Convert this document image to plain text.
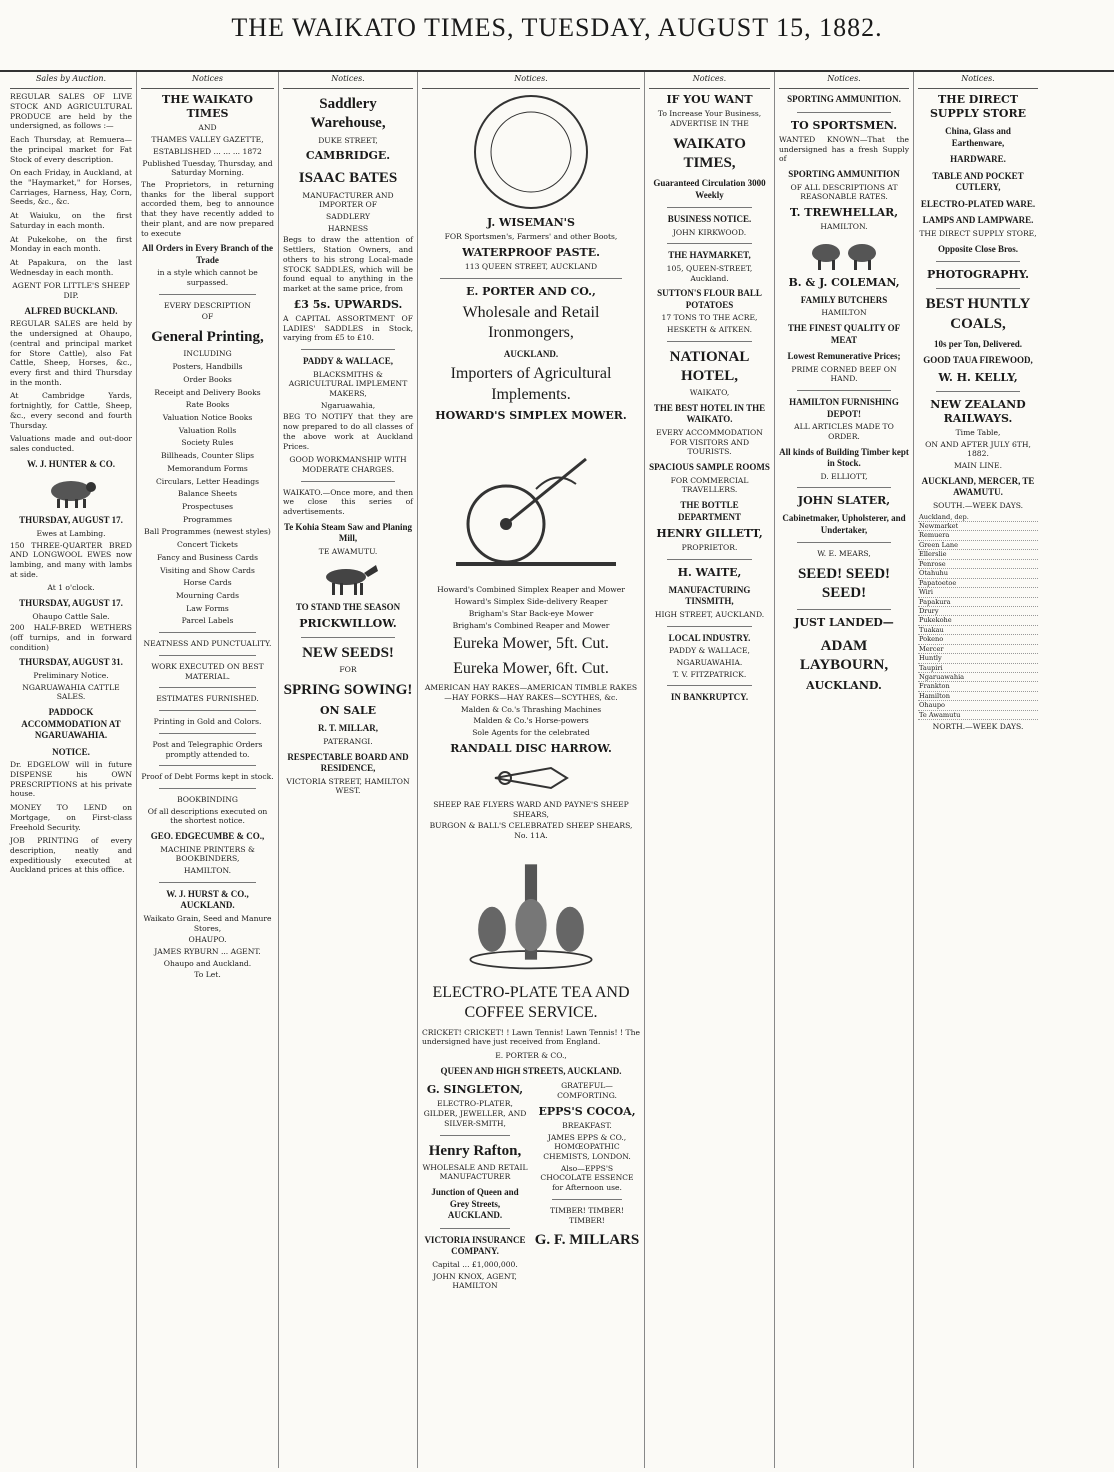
THE WAIKATO TIMES, TUESDAY, AUGUST 15, 1882.
Sales by Auction.

REGULAR SALES OF LIVE STOCK AND AGRICULTURAL PRODUCE are held by the undersigned, as follows :—

Each Thursday, at Remuera—the principal market for Fat Stock of every description.

On each Friday, in Auckland, at the "Haymarket," for Horses, Carriages, Harness, Hay, Corn, Seeds, &c., &c.

At Waiuku, on the first Saturday in each month.

At Pukekohe, on the first Monday in each month.

At Papakura, on the last Wednesday in each month.

AGENT FOR LITTLE'S SHEEP DIP.
ALFRED BUCKLAND.

REGULAR SALES are held by the undersigned at Ohaupo, (central and principal market for Store Cattle), also Fat Cattle, Sheep, Horses, &c., every first and third Thursday in the month.

At Cambridge Yards, fortnightly, for Cattle, Sheep, &c., every second and fourth Thursday.

Valuations made and out-door sales conducted.

W. J. HUNTER & CO.
THURSDAY, AUGUST 17.
Ewes at Lambing.

150 THREE-QUARTER BRED AND LONGWOOL EWES now lambing, and many with lambs at side.

At 1 o'clock.
THURSDAY, AUGUST 17.
Ohaupo Cattle Sale.

200 HALF-BRED WETHERS (off turnips, and in forward condition)

THURSDAY, AUGUST 31.
Preliminary Notice.
NGARUAWAHIA CATTLE SALES.
PADDOCK ACCOMMODATION AT NGARUAWAHIA.
NOTICE.

Dr. EDGELOW will in future DISPENSE his OWN PRESCRIPTIONS at his private house.

MONEY TO LEND on Mortgage, on First-class Freehold Security.

JOB PRINTING of every description, neatly and expeditiously executed at Auckland prices at this office.

Notices
THE WAIKATO TIMES
AND
THAMES VALLEY GAZETTE,
ESTABLISHED ... ... ... 1872
Published Tuesday, Thursday, and Saturday Morning.

The Proprietors, in returning thanks for the liberal support accorded them, beg to announce that they have recently added to their plant, and are now prepared to execute

All Orders in Every Branch of the Trade
in a style which cannot be surpassed.
EVERY DESCRIPTION
OF
General Printing,
INCLUDING
Posters, Handbills
Order Books
Receipt and Delivery Books
Rate Books
Valuation Notice Books
Valuation Rolls
Society Rules
Billheads, Counter Slips
Memorandum Forms
Circulars, Letter Headings
Balance Sheets
Prospectuses
Programmes
Ball Programmes (newest styles)
Concert Tickets
Fancy and Business Cards
Visiting and Show Cards
Horse Cards
Mourning Cards
Law Forms
Parcel Labels
NEATNESS AND PUNCTUALITY.
WORK EXECUTED ON BEST MATERIAL.
ESTIMATES FURNISHED.
Printing in Gold and Colors.
Post and Telegraphic Orders promptly attended to.
Proof of Debt Forms kept in stock.
BOOKBINDING
Of all descriptions executed on the shortest notice.
GEO. EDGECUMBE & CO.,
MACHINE PRINTERS & BOOKBINDERS,
HAMILTON.
W. J. HURST & CO., AUCKLAND.
Waikato Grain, Seed and Manure Stores,
OHAUPO.
JAMES RYBURN ... AGENT.
Ohaupo and Auckland.
To Let.
Notices.
Saddlery Warehouse,
DUKE STREET,
CAMBRIDGE.
ISAAC BATES
MANUFACTURER AND IMPORTER OF
SADDLERY
HARNESS

Begs to draw the attention of Settlers, Station Owners, and others to his strong Local-made STOCK SADDLES, which will be found equal to anything in the market at the same price, from

£3 5s. UPWARDS.

A CAPITAL ASSORTMENT OF LADIES' SADDLES in Stock, varying from £5 to £10.

PADDY & WALLACE,
BLACKSMITHS & AGRICULTURAL IMPLEMENT MAKERS,
Ngaruawahia,

BEG TO NOTIFY that they are now prepared to do all classes of the above work at Auckland Prices.

GOOD WORKMANSHIP WITH MODERATE CHARGES.

WAIKATO.—Once more, and then we close this series of advertisements.

Te Kohia Steam Saw and Planing Mill,
TE AWAMUTU.
TO STAND THE SEASON
PRICKWILLOW.
NEW SEEDS!
FOR
SPRING SOWING!
ON SALE
R. T. MILLAR,
PATERANGI.
RESPECTABLE BOARD AND RESIDENCE,
VICTORIA STREET, HAMILTON WEST.
Notices.
J. WISEMAN'S
FOR Sportsmen's, Farmers' and other Boots,
WATERPROOF PASTE.
113 QUEEN STREET, AUCKLAND
E. PORTER AND CO.,
Wholesale and Retail Ironmongers,
AUCKLAND.
Importers of Agricultural Implements.
HOWARD'S SIMPLEX MOWER.
Howard's Combined Simplex Reaper and Mower
Howard's Simplex Side-delivery Reaper
Brigham's Star Back-eye Mower
Brigham's Combined Reaper and Mower
Eureka Mower, 5ft. Cut.
Eureka Mower, 6ft. Cut.
AMERICAN HAY RAKES—AMERICAN TIMBLE RAKES—HAY FORKS—HAY RAKES—SCYTHES, &c.
Malden & Co.'s Thrashing Machines
Malden & Co.'s Horse-powers
Sole Agents for the celebrated
RANDALL DISC HARROW.
SHEEP RAE FLYERS WARD AND PAYNE'S SHEEP SHEARS,
BURGON & BALL'S CELEBRATED SHEEP SHEARS, No. 11A.
ELECTRO-PLATE TEA AND COFFEE SERVICE.

CRICKET! CRICKET! ! Lawn Tennis! Lawn Tennis! ! The undersigned have just received from England.

E. PORTER & CO.,
QUEEN AND HIGH STREETS, AUCKLAND.
G. SINGLETON,
ELECTRO-PLATER, GILDER, JEWELLER, AND SILVER-SMITH,
Henry Rafton,
WHOLESALE AND RETAIL MANUFACTURER
Junction of Queen and Grey Streets, AUCKLAND.
VICTORIA INSURANCE COMPANY.
Capital ... £1,000,000.
JOHN KNOX, AGENT, HAMILTON
GRATEFUL—COMFORTING.
EPPS'S COCOA,
BREAKFAST.
JAMES EPPS & CO., HOMŒOPATHIC CHEMISTS, LONDON.
Also—EPPS'S CHOCOLATE ESSENCE for Afternoon use.
TIMBER! TIMBER! TIMBER!
G. F. MILLARS
Notices.
IF YOU WANT
To Increase Your Business, ADVERTISE IN THE
WAIKATO TIMES,
Guaranteed Circulation 3000 Weekly
BUSINESS NOTICE.
JOHN KIRKWOOD.
THE HAYMARKET,
105, QUEEN-STREET, Auckland.
SUTTON'S FLOUR BALL POTATOES
17 TONS TO THE ACRE,
HESKETH & AITKEN.
NATIONAL HOTEL,
WAIKATO,
THE BEST HOTEL IN THE WAIKATO.
EVERY ACCOMMODATION FOR VISITORS AND TOURISTS.
SPACIOUS SAMPLE ROOMS
FOR COMMERCIAL TRAVELLERS.
THE BOTTLE DEPARTMENT
HENRY GILLETT,
PROPRIETOR.
H. WAITE,
MANUFACTURING TINSMITH,
HIGH STREET, AUCKLAND.
LOCAL INDUSTRY.
PADDY & WALLACE,
NGARUAWAHIA.
T. V. FITZPATRICK.
IN BANKRUPTCY.
Notices.
SPORTING AMMUNITION.
TO SPORTSMEN.

WANTED KNOWN—That the undersigned has a fresh Supply of

SPORTING AMMUNITION
OF ALL DESCRIPTIONS AT REASONABLE RATES.
T. TREWHELLAR,
HAMILTON.
B. & J. COLEMAN,
FAMILY BUTCHERS
HAMILTON
THE FINEST QUALITY OF MEAT
Lowest Remunerative Prices;
PRIME CORNED BEEF ON HAND.
HAMILTON FURNISHING DEPOT!
ALL ARTICLES MADE TO ORDER.
All kinds of Building Timber kept in Stock.
D. ELLIOTT,
JOHN SLATER,
Cabinetmaker, Upholsterer, and Undertaker,
W. E. MEARS,
SEED! SEED! SEED!
JUST LANDED—
ADAM LAYBOURN,
AUCKLAND.
Notices.
THE DIRECT SUPPLY STORE
China, Glass and Earthenware,
HARDWARE.
TABLE AND POCKET CUTLERY,
ELECTRO-PLATED WARE.
LAMPS AND LAMPWARE.
THE DIRECT SUPPLY STORE,
Opposite Close Bros.
PHOTOGRAPHY.
BEST HUNTLY COALS,
10s per Ton, Delivered.
GOOD TAUA FIREWOOD,
W. H. KELLY,
NEW ZEALAND RAILWAYS.
Time Table,
ON AND AFTER JULY 6TH, 1882.
MAIN LINE.
AUCKLAND, MERCER, TE AWAMUTU.
SOUTH.—WEEK DAYS.
Auckland, dep.
Newmarket
Remuera
Green Lane
Ellerslie
Penrose
Otahuhu
Papatoetoe
Wiri
Papakura
Drury
Pukekohe
Tuakau
Pokeno
Mercer
Huntly
Taupiri
Ngaruawahia
Frankton
Hamilton
Ohaupo
Te Awamutu
NORTH.—WEEK DAYS.
